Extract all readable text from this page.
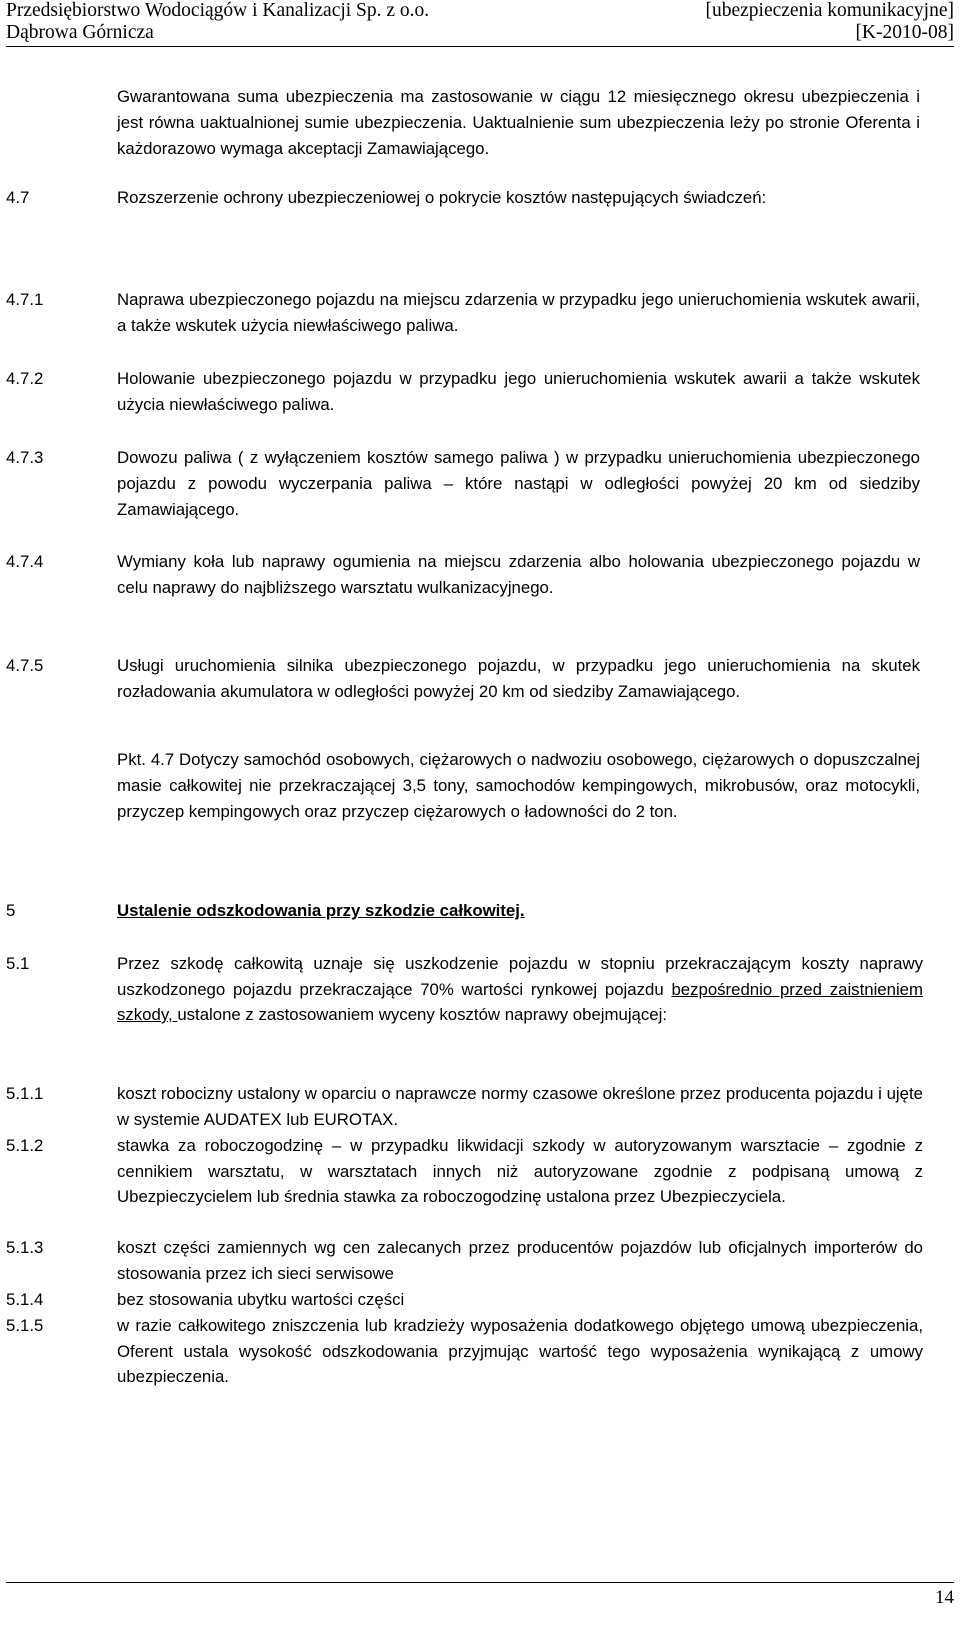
Przedsiębiorstwo Wodociągów i Kanalizacji Sp. z o.o.	[ubezpieczenia komunikacyjne]
Dąbrowa Górnicza	[K-2010-08]
Gwarantowana suma ubezpieczenia ma zastosowanie w ciągu 12 miesięcznego okresu ubezpieczenia i jest równa uaktualnionej sumie ubezpieczenia. Uaktualnienie sum ubezpieczenia leży po stronie Oferenta i każdorazowo wymaga akceptacji Zamawiającego.
4.7	Rozszerzenie ochrony ubezpieczeniowej o pokrycie kosztów następujących świadczeń:
4.7.1	Naprawa ubezpieczonego pojazdu na miejscu zdarzenia w przypadku jego unieruchomienia wskutek awarii, a także wskutek użycia niewłaściwego paliwa.
4.7.2	Holowanie ubezpieczonego pojazdu w przypadku jego unieruchomienia wskutek awarii a także wskutek użycia niewłaściwego paliwa.
4.7.3	Dowozu paliwa ( z wyłączeniem kosztów samego paliwa ) w przypadku unieruchomienia ubezpieczonego pojazdu z powodu wyczerpania paliwa – które nastąpi w odległości powyżej 20 km od siedziby Zamawiającego.
4.7.4	Wymiany koła lub naprawy ogumienia na miejscu zdarzenia albo holowania ubezpieczonego pojazdu w celu naprawy do najbliższego warsztatu wulkanizacyjnego.
4.7.5	Usługi uruchomienia silnika ubezpieczonego pojazdu, w przypadku jego unieruchomienia na skutek rozładowania akumulatora w odległości powyżej 20 km od siedziby Zamawiającego.
Pkt. 4.7 Dotyczy samochód osobowych, ciężarowych o nadwoziu osobowego, ciężarowych o dopuszczalnej masie całkowitej nie przekraczającej 3,5 tony, samochodów kempingowych, mikrobusów, oraz motocykli, przyczep kempingowych oraz przyczep ciężarowych o ładowności do 2 ton.
5	Ustalenie odszkodowania przy szkodzie całkowitej.
5.1	Przez szkodę całkowitą uznaje się uszkodzenie pojazdu w stopniu przekraczającym koszty naprawy uszkodzonego pojazdu przekraczające 70% wartości rynkowej pojazdu bezpośrednio przed zaistnieniem szkody, ustalone z zastosowaniem wyceny kosztów naprawy obejmującej:
5.1.1	koszt robocizny ustalony w oparciu o naprawcze normy czasowe określone przez producenta pojazdu i ujęte w systemie AUDATEX lub EUROTAX.
5.1.2	stawka za roboczogodzinę – w przypadku likwidacji szkody w autoryzowanym warsztacie – zgodnie z cennikiem warsztatu, w warsztatach innych niż autoryzowane zgodnie z podpisaną umową z Ubezpieczycielem lub średnia stawka za roboczogodzinę ustalona przez Ubezpieczyciela.
5.1.3	koszt części zamiennych wg cen zalecanych przez producentów pojazdów lub oficjalnych importerów do stosowania przez ich sieci serwisowe
5.1.4	bez stosowania ubytku wartości części
5.1.5	w razie całkowitego zniszczenia lub kradzieży wyposażenia dodatkowego objętego umową ubezpieczenia, Oferent ustala wysokość odszkodowania przyjmując wartość tego wyposażenia wynikającą z umowy ubezpieczenia.
14
